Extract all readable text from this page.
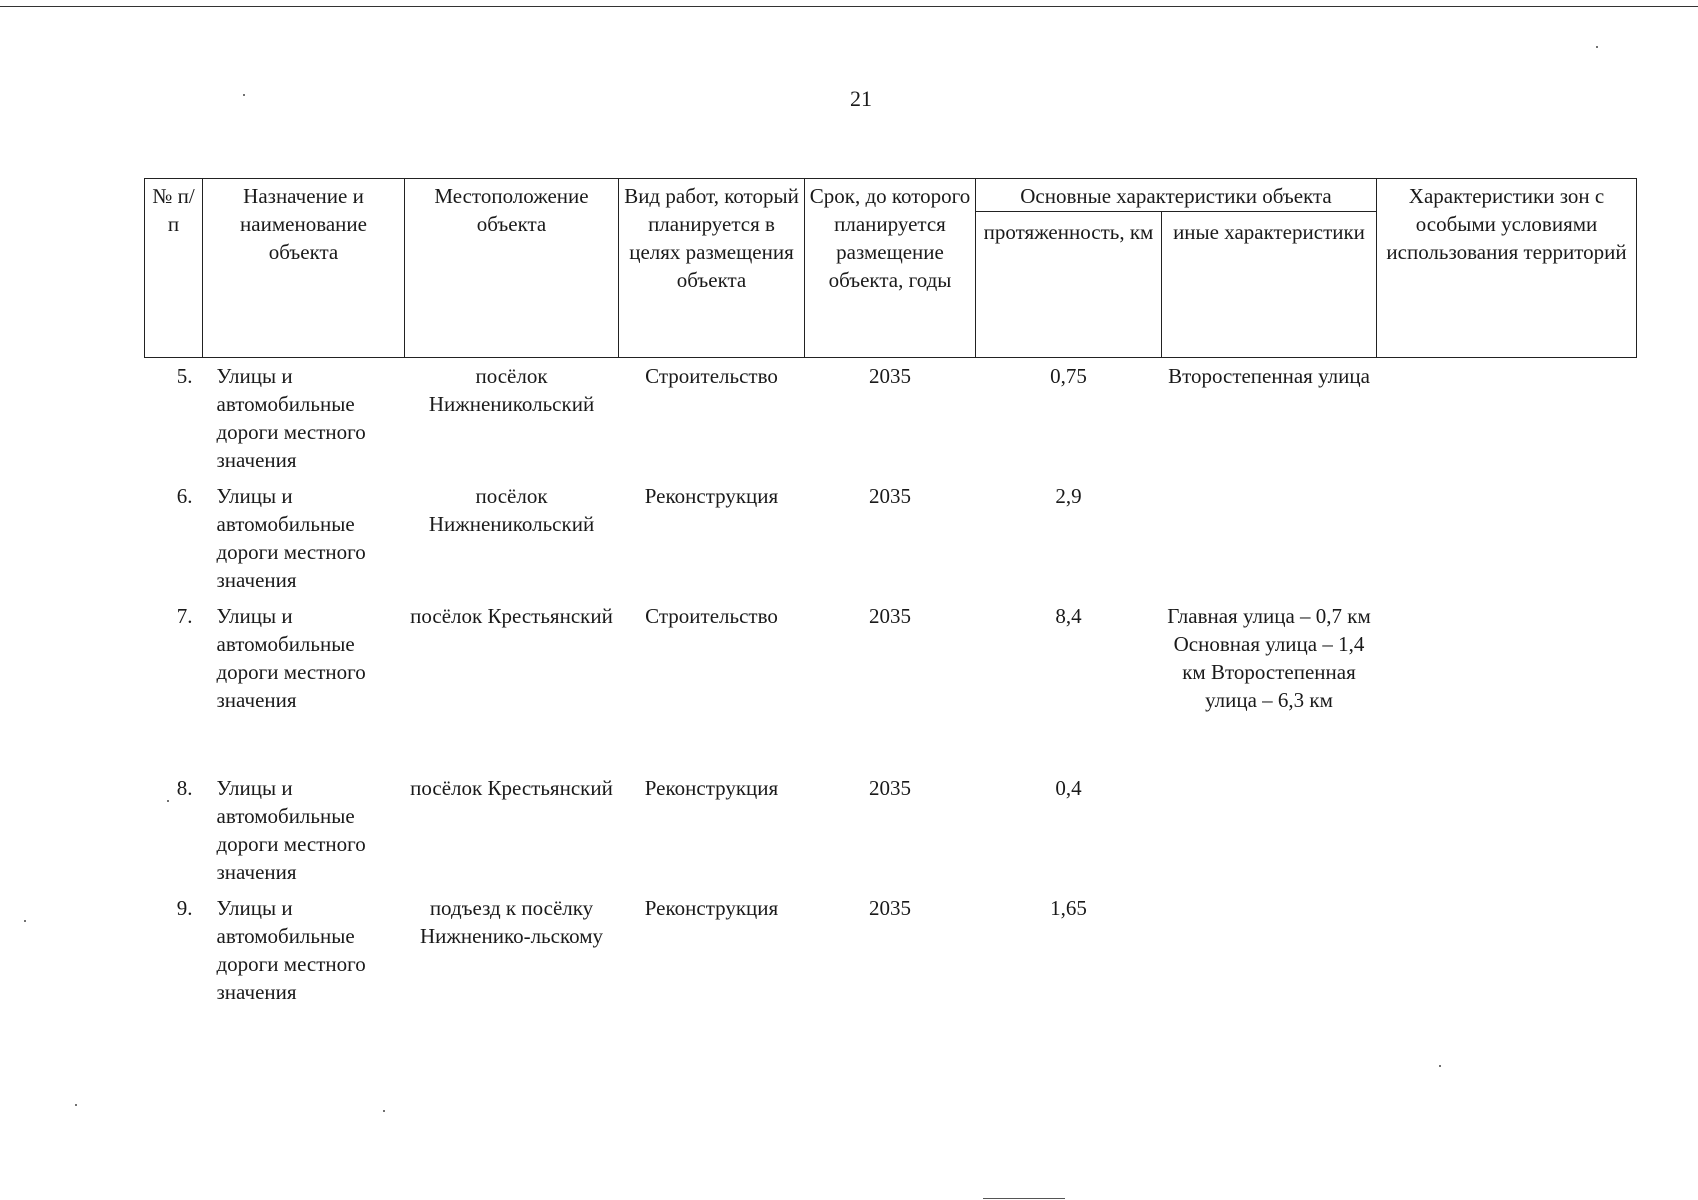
21
№ п/п	Назначение и наименование объекта	Местоположение объекта	Вид работ, который планируется в целях размещения объекта	Срок, до которого планируется размещение объекта, годы	Основные характеристики объекта		Характеристики зон с особыми условиями использования территорий
					протяженность, км	иные характеристики	
5.	Улицы и автомобильные дороги местного значения	посёлок Нижненикольский	Строительство	2035	0,75	Второстепенная улица	
6.	Улицы и автомобильные дороги местного значения	посёлок Нижненикольский	Реконструкция	2035	2,9		
7.	Улицы и автомобильные дороги местного значения	посёлок Крестьянский	Строительство	2035	8,4	Главная улица – 0,7 км Основная улица – 1,4 км Второстепенная улица – 6,3 км	
8.	Улицы и автомобильные дороги местного значения	посёлок Крестьянский	Реконструкция	2035	0,4		
9.	Улицы и автомобильные дороги местного значения	подъезд к посёлку Нижненико-льскому	Реконструкция	2035	1,65		
